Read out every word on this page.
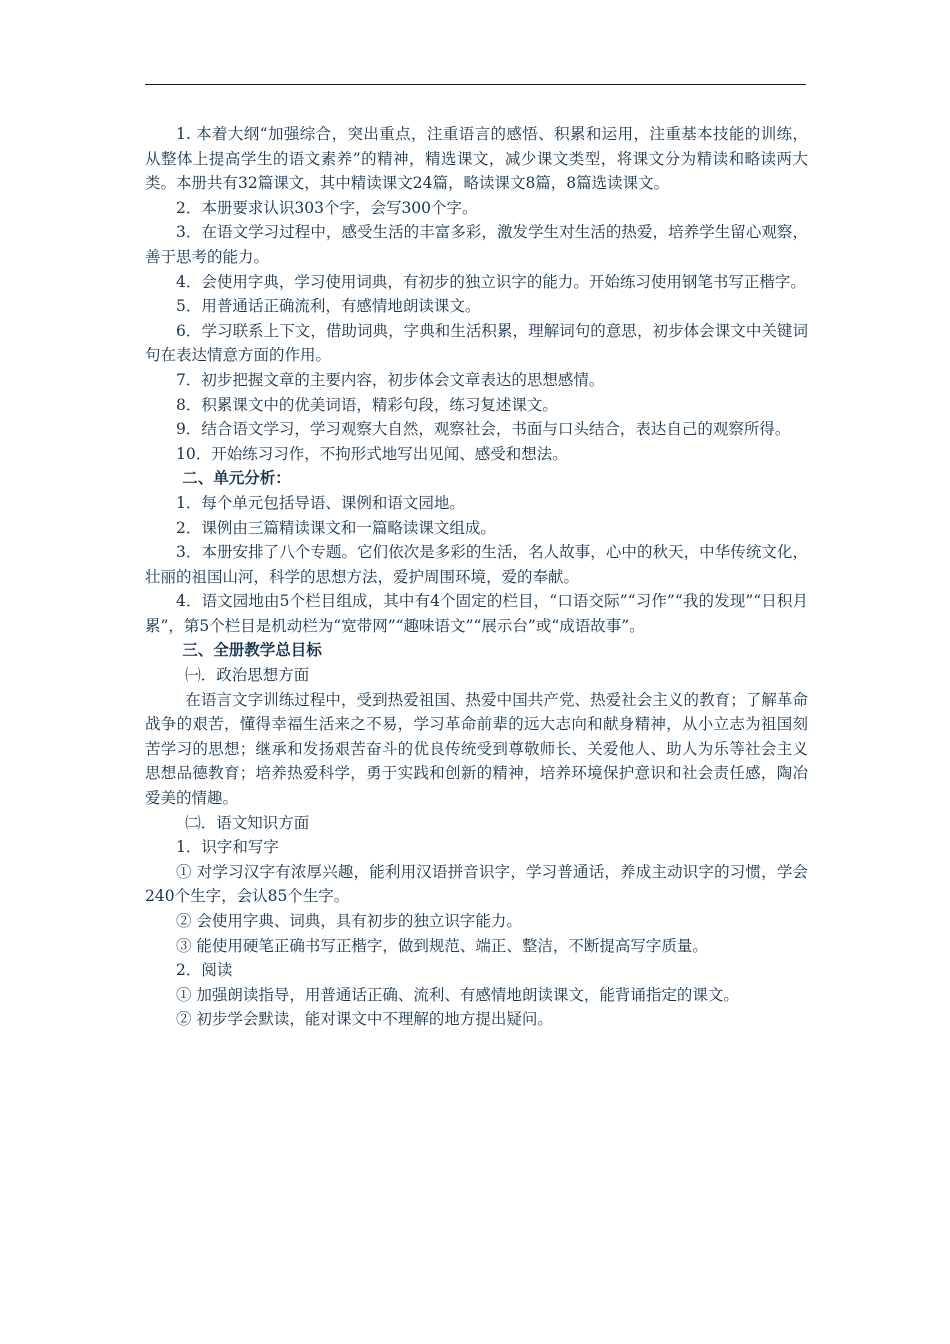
1. 本着大纲“加强综合，突出重点，注重语言的感悟、积累和运用，注重基本技能的训练，从整体上提高学生的语文素养”的精神，精选课文，减少课文类型，将课文分为精读和略读两大类。本册共有32篇课文，其中精读课文24篇，略读课文8篇，8篇选读课文。

2．本册要求认识303个字，会写300个字。

3．在语文学习过程中，感受生活的丰富多彩，激发学生对生活的热爱，培养学生留心观察，善于思考的能力。

4．会使用字典，学习使用词典，有初步的独立识字的能力。开始练习使用钢笔书写正楷字。

5．用普通话正确流利，有感情地朗读课文。

6．学习联系上下文，借助词典，字典和生活积累，理解词句的意思，初步体会课文中关键词句在表达情意方面的作用。

7．初步把握文章的主要内容，初步体会文章表达的思想感情。

8．积累课文中的优美词语，精彩句段，练习复述课文。

9．结合语文学习，学习观察大自然，观察社会，书面与口头结合，表达自己的观察所得。

10．开始练习习作，不拘形式地写出见闻、感受和想法。

二、单元分析：

1．每个单元包括导语、课例和语文园地。

2．课例由三篇精读课文和一篇略读课文组成。

3．本册安排了八个专题。它们依次是多彩的生活，名人故事，心中的秋天，中华传统文化，壮丽的祖国山河，科学的思想方法，爱护周围环境，爱的奉献。

4．语文园地由5个栏目组成，其中有4个固定的栏目，“口语交际”“习作”“我的发现”“日积月累”，第5个栏目是机动栏为“宽带网”“趣味语文”“展示台”或“成语故事”。

三、全册教学总目标

㈠．政治思想方面

在语言文字训练过程中，受到热爱祖国、热爱中国共产党、热爱社会主义的教育；了解革命战争的艰苦，懂得幸福生活来之不易，学习革命前辈的远大志向和献身精神，从小立志为祖国刻苦学习的思想；继承和发扬艰苦奋斗的优良传统受到尊敬师长、关爱他人、助人为乐等社会主义思想品德教育；培养热爱科学，勇于实践和创新的精神，培养环境保护意识和社会责任感，陶冶爱美的情趣。

㈡．语文知识方面

1．识字和写字

① 对学习汉字有浓厚兴趣，能利用汉语拼音识字，学习普通话，养成主动识字的习惯，学会240个生字，会认85个生字。

② 会使用字典、词典，具有初步的独立识字能力。

③ 能使用硬笔正确书写正楷字，做到规范、端正、整洁，不断提高写字质量。

2．阅读

① 加强朗读指导，用普通话正确、流利、有感情地朗读课文，能背诵指定的课文。

② 初步学会默读，能对课文中不理解的地方提出疑问。
